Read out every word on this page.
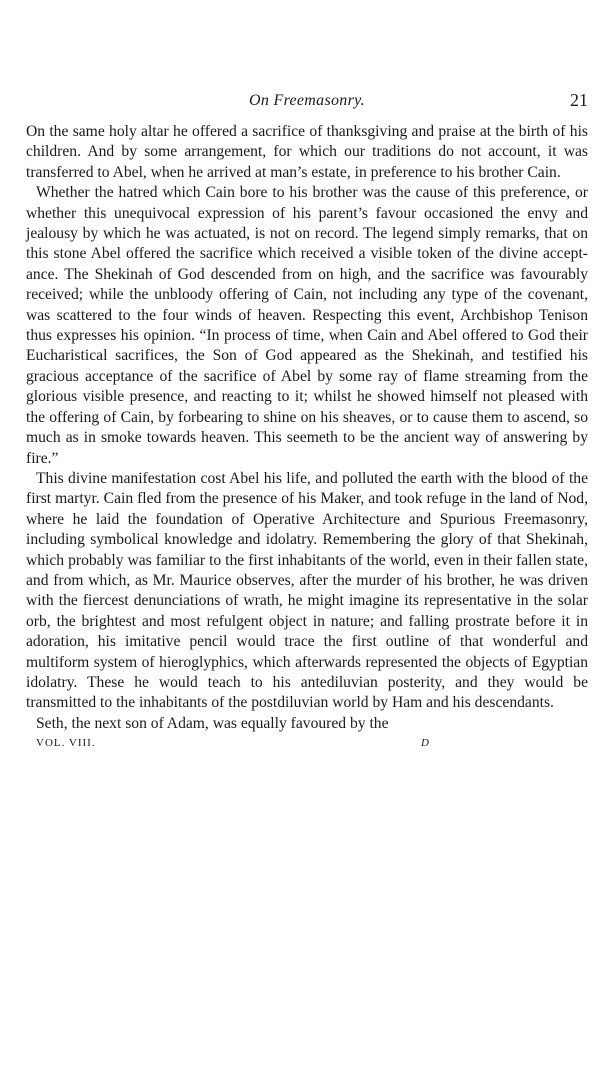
On Freemasonry.	21

On the same holy altar he offered a sacrifice of thanksgiving and praise at the birth of his children. And by some arrangement, for which our traditions do not account, it was transferred to Abel, when he arrived at man’s estate, in preference to his brother Cain.

Whether the hatred which Cain bore to his brother was the cause of this preference, or whether this unequivocal expression of his parent’s favour occasioned the envy and jealousy by which he was actuated, is not on record. The legend simply remarks, that on this stone Abel offered the sacrifice which received a visible token of the divine acceptance. The Shekinah of God descended from on high, and the sacrifice was favourably received; while the unbloody offering of Cain, not including any type of the covenant, was scattered to the four winds of heaven. Respecting this event, Archbishop Tenison thus expresses his opinion. “In process of time, when Cain and Abel offered to God their Eucharistical sacrifices, the Son of God appeared as the Shekinah, and testified his gracious acceptance of the sacrifice of Abel by some ray of flame streaming from the glorious visible presence, and reacting to it; whilst he showed himself not pleased with the offering of Cain, by forbearing to shine on his sheaves, or to cause them to ascend, so much as in smoke towards heaven. This seemeth to be the ancient way of answering by fire.”

This divine manifestation cost Abel his life, and polluted the earth with the blood of the first martyr. Cain fled from the presence of his Maker, and took refuge in the land of Nod, where he laid the foundation of Operative Architecture and Spurious Freemasonry, including symbolical knowledge and idolatry. Remembering the glory of that Shekinah, which probably was familiar to the first inhabitants of the world, even in their fallen state, and from which, as Mr. Maurice observes, after the murder of his brother, he was driven with the fiercest denunciations of wrath, he might imagine its representative in the solar orb, the brightest and most refulgent object in nature; and falling prostrate before it in adoration, his imitative pencil would trace the first outline of that wonderful and multiform system of hieroglyphics, which afterwards represented the objects of Egyptian idolatry. These he would teach to his antediluvian posterity, and they would be transmitted to the inhabitants of the postdiluvian world by Ham and his descendants.

Seth, the next son of Adam, was equally favoured by the

VOL. VIII.	D
